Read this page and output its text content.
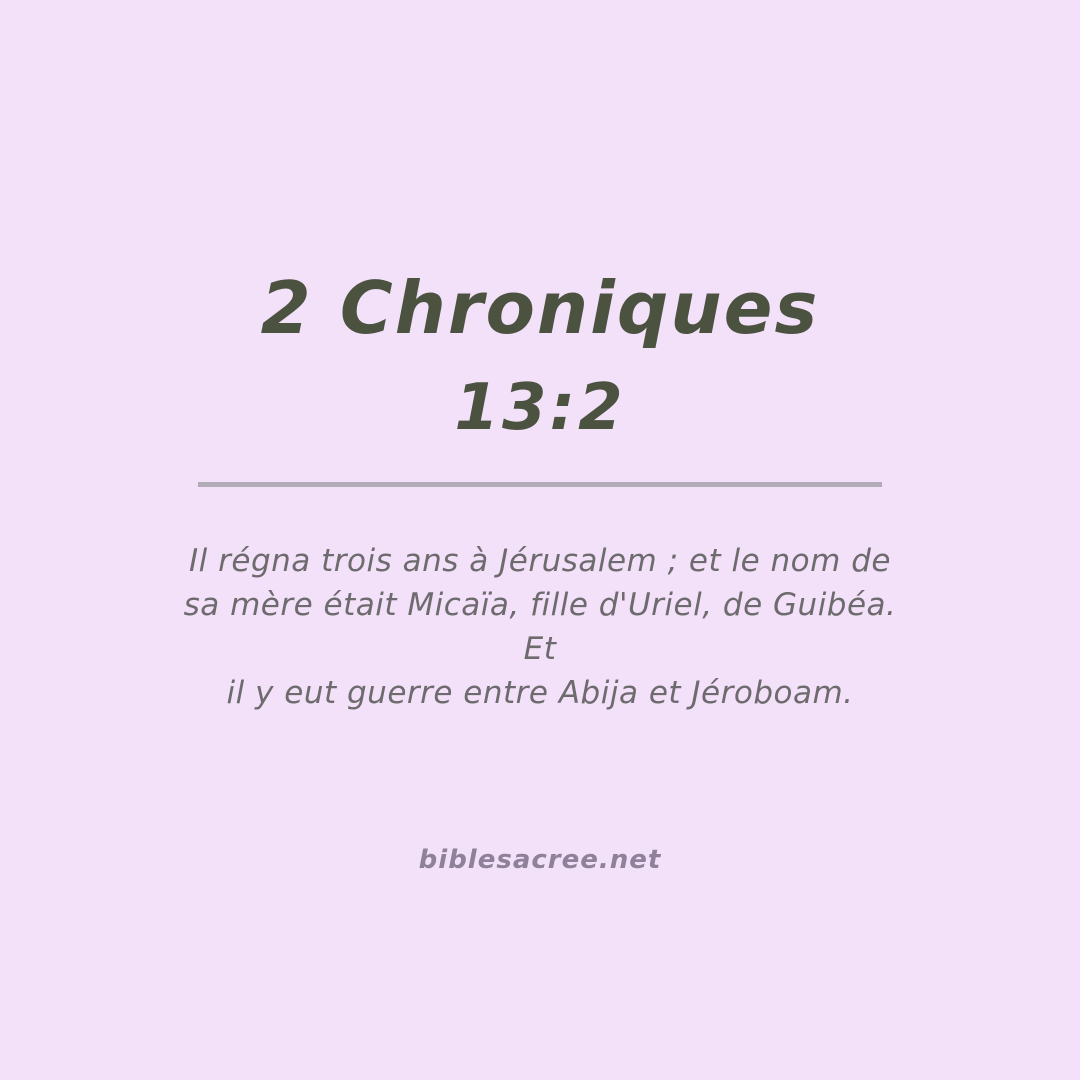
2 Chroniques
13:2
Il régna trois ans à Jérusalem ; et le nom de
sa mère était Micaïa, fille d'Uriel, de Guibéa. Et
il y eut guerre entre Abija et Jéroboam.
biblesacree.net
